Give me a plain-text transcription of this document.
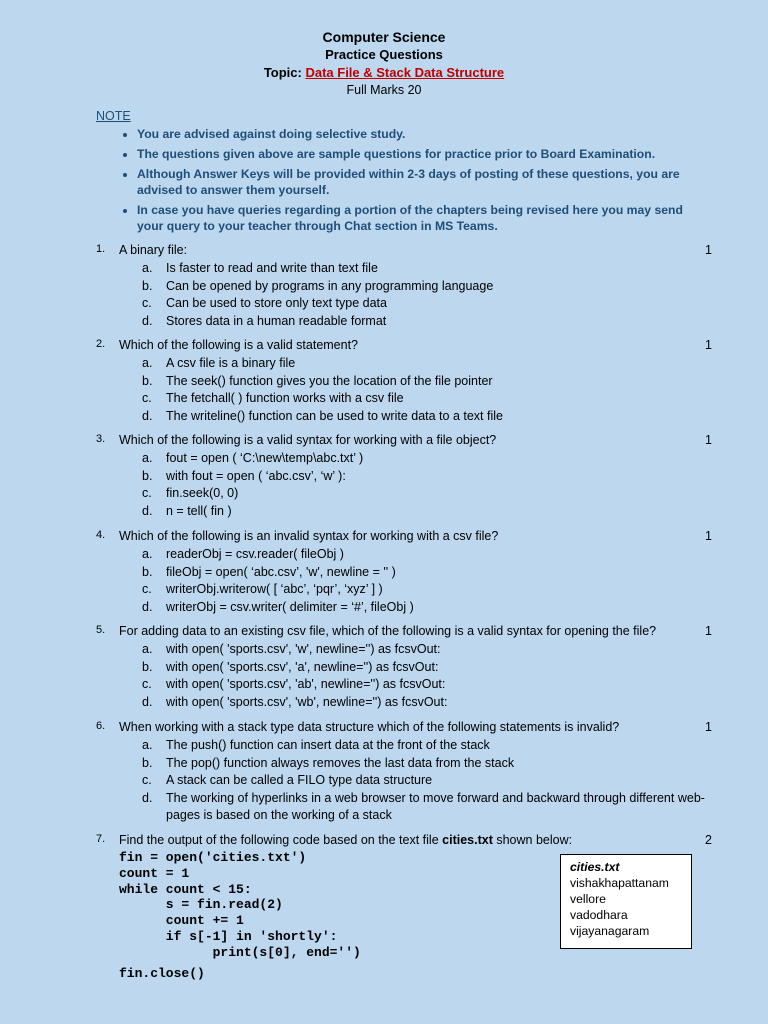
Computer Science
Practice Questions
Topic: Data File & Stack Data Structure
Full Marks 20
NOTE
• You are advised against doing selective study.
• The questions given above are sample questions for practice prior to Board Examination.
• Although Answer Keys will be provided within 2-3 days of posting of these questions, you are advised to answer them yourself.
• In case you have queries regarding a portion of the chapters being revised here you may send your query to your teacher through Chat section in MS Teams.
1. A binary file:	1
a.	Is faster to read and write than text file
b.	Can be opened by programs in any programming language
c.	Can be used to store only text type data
d.	Stores data in a human readable format
2. Which of the following is a valid statement?	1
a.	A csv file is a binary file
b.	The seek() function gives you the location of the file pointer
c.	The fetchall( ) function works with a csv file
d.	The writeline() function can be used to write data to a text file
3. Which of the following is a valid syntax for working with a file object?	1
a.	fout = open ( ‘C:\new\temp\abc.txt’ )
b.	with fout = open ( ‘abc.csv’, ‘w’ ):
c.	fin.seek(0, 0)
d.	n = tell( fin )
4. Which of the following is an invalid syntax for working with a csv file?	1
a.	readerObj = csv.reader( fileObj )
b.	fileObj = open( ‘abc.csv’, 'w', newline = '' )
c.	writerObj.writerow( [ ‘abc’, ‘pqr’, ‘xyz’ ] )
d.	writerObj = csv.writer( delimiter = ‘#’, fileObj )
5. For adding data to an existing csv file, which of the following is a valid syntax for opening the file?	1
a.	with open( 'sports.csv', 'w', newline='') as fcsvOut:
b.	with open( 'sports.csv', 'a', newline='') as fcsvOut:
c.	with open( 'sports.csv', 'ab', newline='') as fcsvOut:
d.	with open( 'sports.csv', 'wb', newline='') as fcsvOut:
6. When working with a stack type data structure which of the following statements is invalid?	1
a.	The push() function can insert data at the front of the stack
b.	The pop() function always removes the last data from the stack
c.	A stack can be called a FILO type data structure
d.	The working of hyperlinks in a web browser to move forward and backward through different web-pages is based on the working of a stack
7. Find the output of the following code based on the text file cities.txt shown below:	2
fin = open('cities.txt')
count = 1
while count < 15:
s = fin.read(2)
count += 1
if s[-1] in 'shortly':
print(s[0], end='')
fin.close()
cities.txt
vishakhapattanam
vellore
vadodhara
vijayanagaram
